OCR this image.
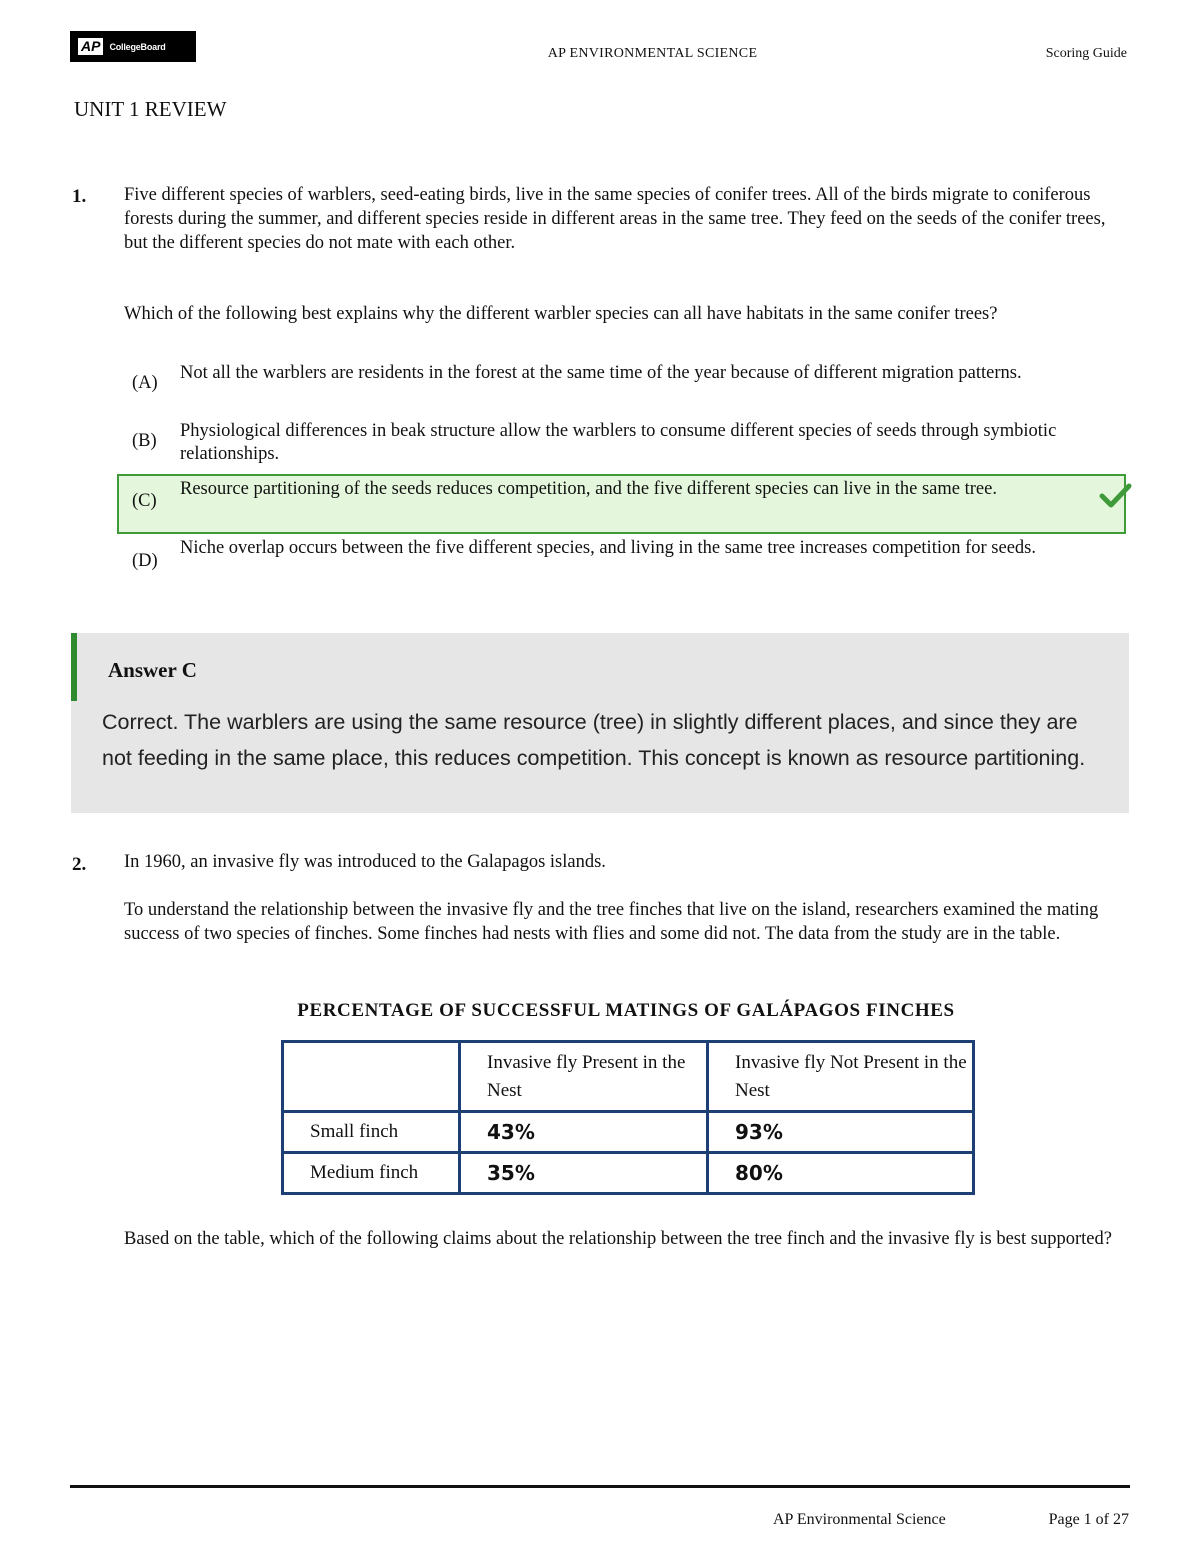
AP	CollegeBoard	AP ENVIRONMENTAL SCIENCE	Scoring Guide
UNIT 1 REVIEW
1. Five different species of warblers, seed-eating birds, live in the same species of conifer trees. All of the birds migrate to coniferous forests during the summer, and different species reside in different areas in the same tree. They feed on the seeds of the conifer trees, but the different species do not mate with each other.
Which of the following best explains why the different warbler species can all have habitats in the same conifer trees?
(A) Not all the warblers are residents in the forest at the same time of the year because of different migration patterns.
(B) Physiological differences in beak structure allow the warblers to consume different species of seeds through symbiotic relationships.
(C)
Resource partitioning of the seeds reduces competition, and the five different species can live in the same tree.
(D)
Niche overlap occurs between the five different species, and living in the same tree increases competition for seeds.
Answer C
Correct. The warblers are using the same resource (tree) in slightly different places, and since they are not feeding in the same place, this reduces competition. This concept is known as resource partitioning.
2. In 1960, an invasive fly was introduced to the Galapagos islands.
To understand the relationship between the invasive fly and the tree finches that live on the island, researchers examined the mating success of two species of finches. Some finches had nests with flies and some did not. The data from the study are in the table.
PERCENTAGE OF SUCCESSFUL MATINGS OF GALÁPAGOS FINCHES
	Invasive fly Present in the Nest	Invasive fly Not Present in the Nest
Small finch	43%	93%
Medium finch	35%	80%
Based on the table, which of the following claims about the relationship between the tree finch and the invasive fly is best supported?
AP Environmental Science	Page 1 of 27
